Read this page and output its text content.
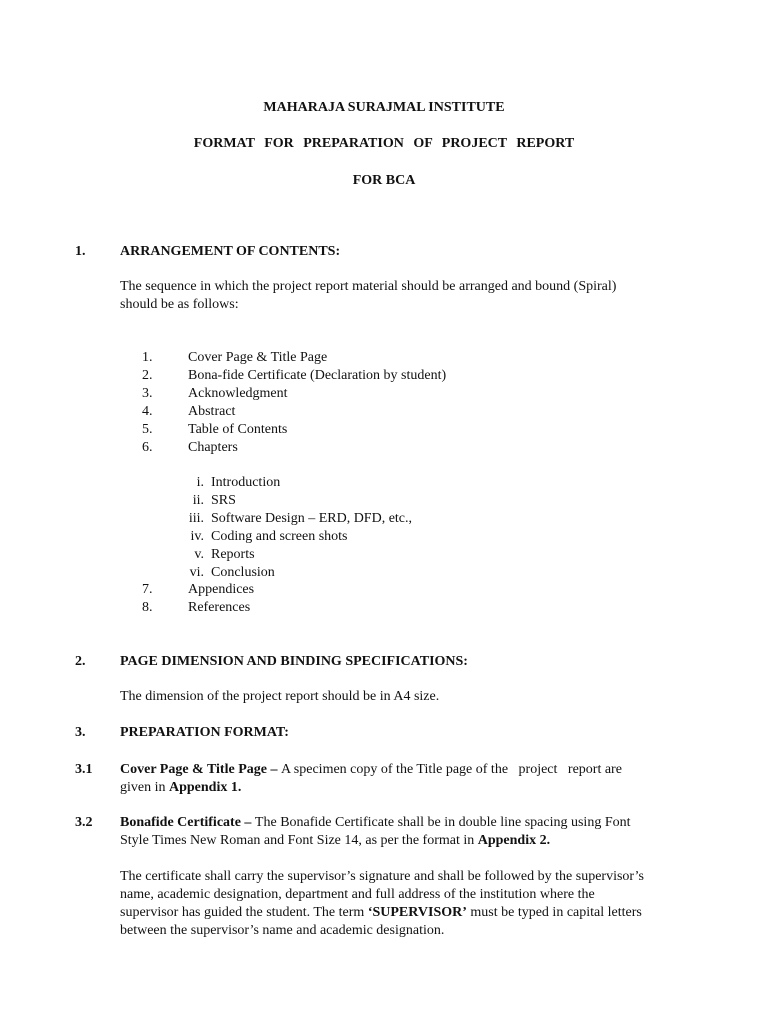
MAHARAJA SURAJMAL INSTITUTE
FORMAT FOR PREPARATION OF PROJECT REPORT
FOR BCA
1. ARRANGEMENT OF CONTENTS:
The sequence in which the project report material should be arranged and bound (Spiral)
should be as follows:
1.	Cover Page & Title Page
2.	Bona-fide Certificate (Declaration by student)
3.	Acknowledgment
4.	Abstract
5.	Table of Contents
6.	Chapters
i. Introduction
ii. SRS
iii. Software Design – ERD, DFD, etc.,
iv. Coding and screen shots
v. Reports
vi. Conclusion
7.	Appendices
8.	References
2. PAGE DIMENSION AND BINDING SPECIFICATIONS:
The dimension of the project report should be in A4 size.
3. PREPARATION FORMAT:
3.1 Cover Page & Title Page – A specimen copy of the Title page of the   project   report are
given in Appendix 1.
3.2 Bonafide Certificate – The Bonafide Certificate shall be in double line spacing using Font
Style Times New Roman and Font Size 14, as per the format in Appendix 2.
The certificate shall carry the supervisor’s signature and shall be followed by the supervisor’s
name, academic designation, department and full address of the institution where the
supervisor has guided the student. The term ‘SUPERVISOR’ must be typed in capital letters
between the supervisor’s name and academic designation.
